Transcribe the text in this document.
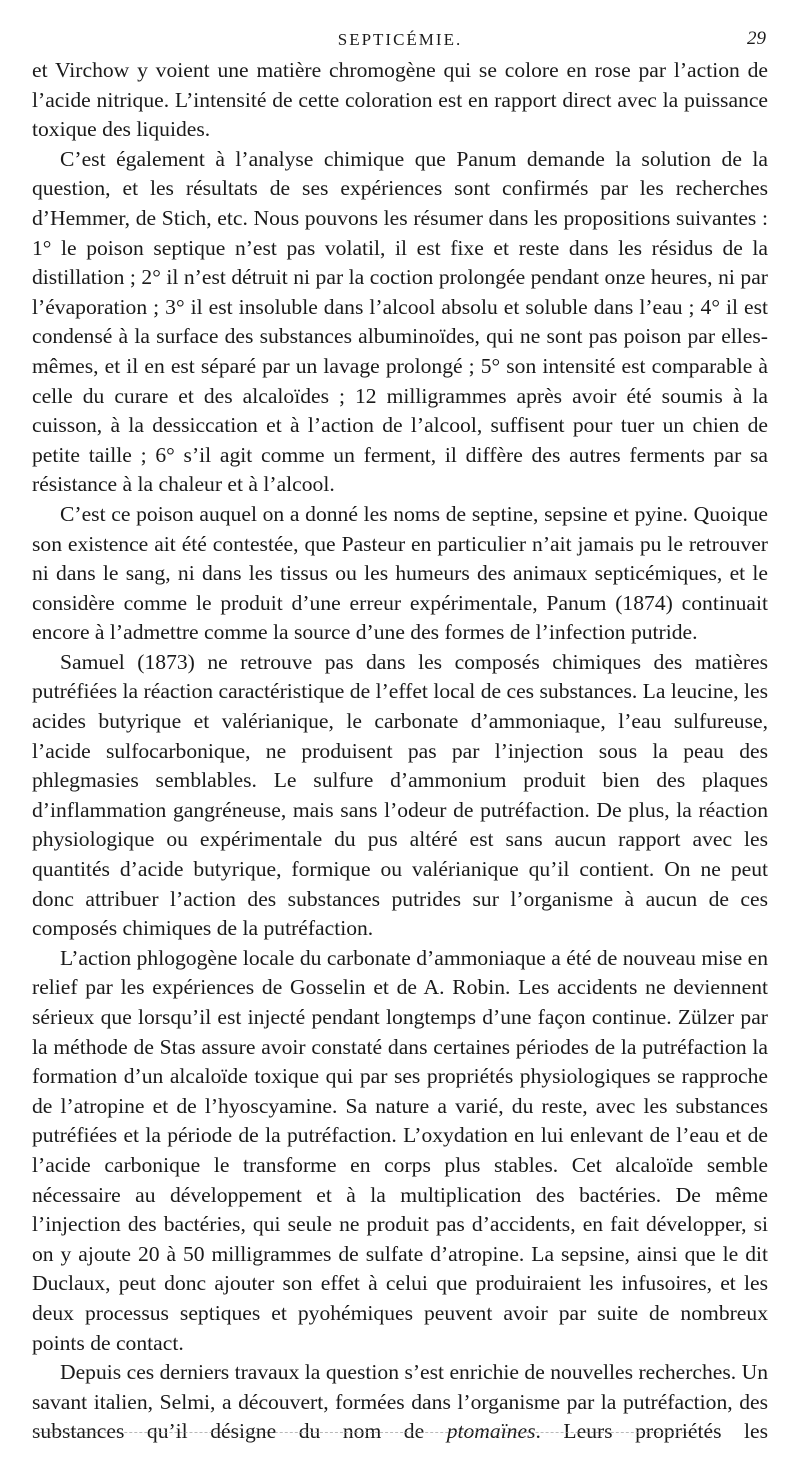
SEPTICÉMIE.	29

et Virchow y voient une matière chromogène qui se colore en rose par l’action de l’acide nitrique. L’intensité de cette coloration est en rapport direct avec la puissance toxique des liquides.

C’est également à l’analyse chimique que Panum demande la solution de la question, et les résultats de ses expériences sont confirmés par les recherches d’Hemmer, de Stich, etc. Nous pouvons les résumer dans les propositions suivantes : 1° le poison septique n’est pas volatil, il est fixe et reste dans les résidus de la distillation ; 2° il n’est détruit ni par la coction prolongée pendant onze heures, ni par l’évaporation ; 3° il est insoluble dans l’alcool absolu et soluble dans l’eau ; 4° il est condensé à la surface des substances albuminoïdes, qui ne sont pas poison par elles-mêmes, et il en est séparé par un lavage prolongé ; 5° son intensité est comparable à celle du curare et des alcaloïdes ; 12 milligrammes après avoir été soumis à la cuisson, à la dessiccation et à l’action de l’alcool, suffisent pour tuer un chien de petite taille ; 6° s’il agit comme un ferment, il diffère des autres ferments par sa résistance à la chaleur et à l’alcool.

C’est ce poison auquel on a donné les noms de septine, sepsine et pyine. Quoique son existence ait été contestée, que Pasteur en particulier n’ait jamais pu le retrouver ni dans le sang, ni dans les tissus ou les humeurs des animaux septicémiques, et le considère comme le produit d’une erreur expérimentale, Panum (1874) continuait encore à l’admettre comme la source d’une des formes de l’infection putride.

Samuel (1873) ne retrouve pas dans les composés chimiques des matières putréfiées la réaction caractéristique de l’effet local de ces substances. La leucine, les acides butyrique et valérianique, le carbonate d’ammoniaque, l’eau sulfureuse, l’acide sulfocarbonique, ne produisent pas par l’injection sous la peau des phlegmasies semblables. Le sulfure d’ammonium produit bien des plaques d’inflammation gangréneuse, mais sans l’odeur de putréfaction. De plus, la réaction physiologique ou expérimentale du pus altéré est sans aucun rapport avec les quantités d’acide butyrique, formique ou valérianique qu’il contient. On ne peut donc attribuer l’action des substances putrides sur l’organisme à aucun de ces composés chimiques de la putréfaction.

L’action phlogogène locale du carbonate d’ammoniaque a été de nouveau mise en relief par les expériences de Gosselin et de A. Robin. Les accidents ne deviennent sérieux que lorsqu’il est injecté pendant longtemps d’une façon continue. Zülzer par la méthode de Stas assure avoir constaté dans certaines périodes de la putréfaction la formation d’un alcaloïde toxique qui par ses propriétés physiologiques se rapproche de l’atropine et de l’hyoscyamine. Sa nature a varié, du reste, avec les substances putréfiées et la période de la putréfaction. L’oxydation en lui enlevant de l’eau et de l’acide carbonique le transforme en corps plus stables. Cet alcaloïde semble nécessaire au développement et à la multiplication des bactéries. De même l’injection des bactéries, qui seule ne produit pas d’accidents, en fait développer, si on y ajoute 20 à 50 milligrammes de sulfate d’atropine. La sepsine, ainsi que le dit Duclaux, peut donc ajouter son effet à celui que produiraient les infusoires, et les deux processus septiques et pyohémiques peuvent avoir par suite de nombreux points de contact.

Depuis ces derniers travaux la question s’est enrichie de nouvelles recherches. Un savant italien, Selmi, a découvert, formées dans l’organisme par la putréfaction, des substances qu’il désigne du nom de ptomaïnes. Leurs propriétés les
